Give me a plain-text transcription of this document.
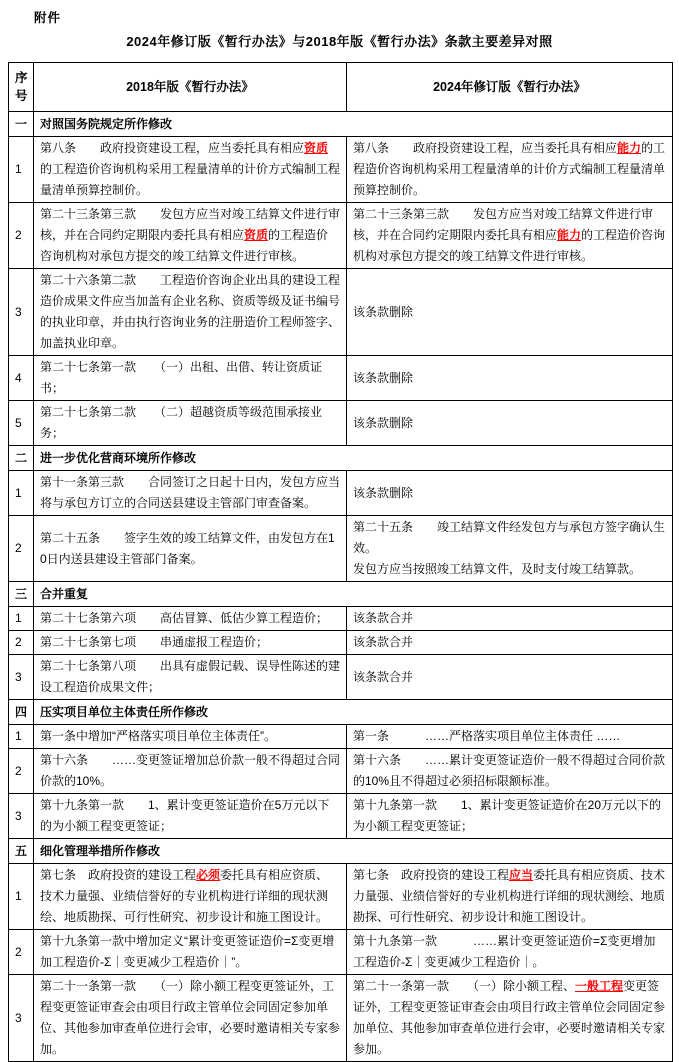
附件
2024年修订版《暂行办法》与2018年版《暂行办法》条款主要差异对照
序号	2018年版《暂行办法》	2024年修订版《暂行办法》
一	对照国务院规定所作修改	
1	第八条　　政府投资建设工程，应当委托具有相应资质的工程造价咨询机构采用工程量清单的计价方式编制工程量清单预算控制价。	第八条　　政府投资建设工程，应当委托具有相应能力的工程造价咨询机构采用工程量清单的计价方式编制工程量清单预算控制价。
2	第二十三条第三款　　发包方应当对竣工结算文件进行审核，并在合同约定期限内委托具有相应资质的工程造价咨询机构对承包方提交的竣工结算文件进行审核。	第二十三条第三款　　发包方应当对竣工结算文件进行审核，并在合同约定期限内委托具有相应能力的工程造价咨询机构对承包方提交的竣工结算文件进行审核。
3	第二十六条第二款　　工程造价咨询企业出具的建设工程造价成果文件应当加盖有企业名称、资质等级及证书编号的执业印章，并由执行咨询业务的注册造价工程师签字、加盖执业印章。	该条款删除
4	第二十七条第一款　　（一）出租、出借、转让资质证书；	该条款删除
5	第二十七条第二款　　（二）超越资质等级范围承接业务；	该条款删除
二	进一步优化营商环境所作修改	
1	第十一条第三款　　合同签订之日起十日内，发包方应当将与承包方订立的合同送县建设主管部门审查备案。	该条款删除
2	第二十五条　　签字生效的竣工结算文件，由发包方在10日内送县建设主管部门备案。	第二十五条　　竣工结算文件经发包方与承包方签字确认生效。
发包方应当按照竣工结算文件，及时支付竣工结算款。
三	合并重复	
1	第二十七条第六项　　高估冒算、低估少算工程造价；	该条款合并
2	第二十七条第七项　　串通虚报工程造价；	该条款合并
3	第二十七条第八项　　出具有虚假记载、误导性陈述的建设工程造价成果文件；	该条款合并
四	压实项目单位主体责任所作修改	
1	第一条中增加“严格落实项目单位主体责任”。	第一条　　　……严格落实项目单位主体责任 ……
2	第十六条　　……变更签证增加总价款一般不得超过合同价款的10%。	第十六条　　……累计变更签证造价一般不得超过合同价款的10%且不得超过必须招标限额标准。
3	第十九条第一款　　1、累计变更签证造价在5万元以下的为小额工程变更签证；	第十九条第一款　　1、累计变更签证造价在20万元以下的为小额工程变更签证；
五	细化管理举措所作修改	
1	第七条　政府投资的建设工程必须委托具有相应资质、技术力量强、业绩信誉好的专业机构进行详细的现状测绘、地质勘探、可行性研究、初步设计和施工图设计。	第七条　政府投资的建设工程应当委托具有相应资质、技术力量强、业绩信誉好的专业机构进行详细的现状测绘、地质勘探、可行性研究、初步设计和施工图设计。
2	第十九条第一款中增加定义“累计变更签证造价=Σ变更增加工程造价-Σ｜变更减少工程造价｜”。	第十九条第一款　　　……累计变更签证造价=Σ变更增加工程造价-Σ｜变更减少工程造价｜。
3	第二十一条第一款　　（一）除小额工程变更签证外，工程变更签证审查会由项目行政主管单位会同固定参加单位、其他参加审查单位进行会审，必要时邀请相关专家参加。	第二十一条第一款　　（一）除小额工程、一般工程变更签证外，工程变更签证审查会由项目行政主管单位会同固定参加单位、其他参加审查单位进行会审，必要时邀请相关专家参加。
